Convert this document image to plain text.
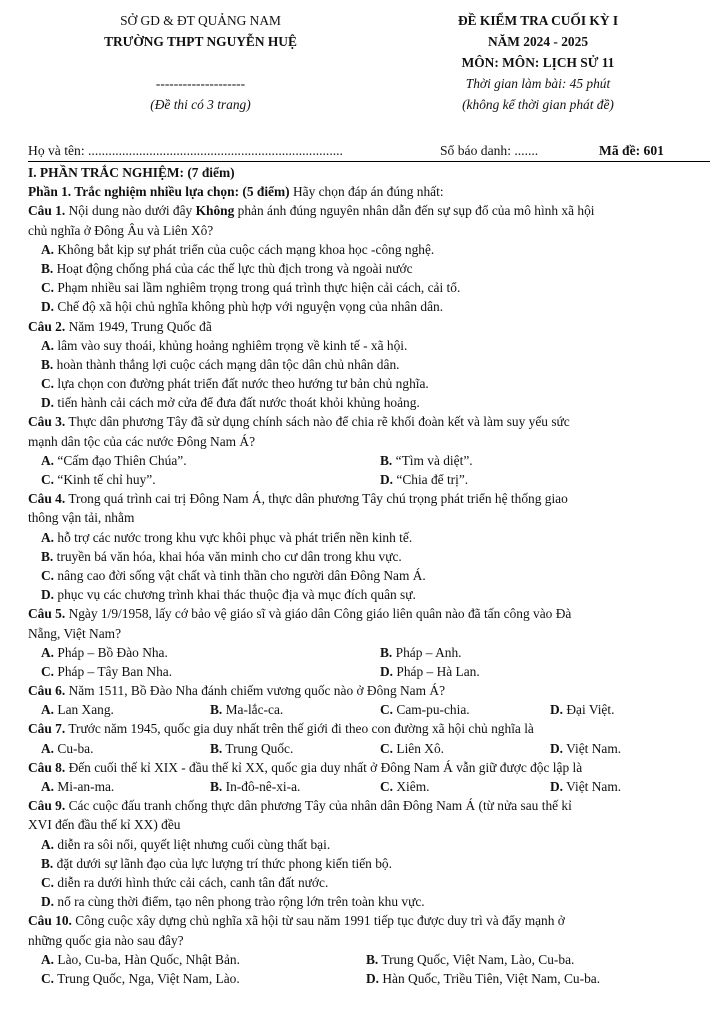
SỞ GD & ĐT QUẢNG NAM
TRƯỜNG THPT NGUYỄN HUỆ
--------------------
(Đề thi có 3 trang)
ĐỀ KIỂM TRA CUỐI KỲ I
NĂM 2024 - 2025
MÔN: MÔN: LỊCH SỬ 11
Thời gian làm bài: 45 phút
(không kể thời gian phát đề)
Họ và tên: ...........................................................................	Số báo danh: .......	Mã đề: 601
I. PHẦN TRẮC NGHIỆM: (7 điểm)
Phần 1. Trắc nghiệm nhiều lựa chọn: (5 điểm) Hãy chọn đáp án đúng nhất:
Câu 1. Nội dung nào dưới đây Không phản ánh đúng nguyên nhân dẫn đến sự sụp đổ của mô hình xã hội
chủ nghĩa ở Đông Âu và Liên Xô?
A. Không bắt kịp sự phát triển của cuộc cách mạng khoa học -công nghệ.
B. Hoạt động chống phá của các thế lực thù địch trong và ngoài nước
C. Phạm nhiều sai lầm nghiêm trọng trong quá trình thực hiện cải cách, cải tổ.
D. Chế độ xã hội chủ nghĩa không phù hợp với nguyện vọng của nhân dân.
Câu 2. Năm 1949, Trung Quốc đã
A. lâm vào suy thoái, khủng hoảng nghiêm trọng về kinh tế - xã hội.
B. hoàn thành thắng lợi cuộc cách mạng dân tộc dân chủ nhân dân.
C. lựa chọn con đường phát triển đất nước theo hướng tư bản chủ nghĩa.
D. tiến hành cải cách mở cửa để đưa đất nước thoát khỏi khủng hoảng.
Câu 3. Thực dân phương Tây đã sử dụng chính sách nào để chia rẽ khối đoàn kết và làm suy yếu sức
mạnh dân tộc của các nước Đông Nam Á?
A. “Cấm đạo Thiên Chúa”.	B. “Tìm và diệt”.
C. “Kinh tế chỉ huy”.	D. “Chia để trị”.
Câu 4. Trong quá trình cai trị Đông Nam Á, thực dân phương Tây chú trọng phát triển hệ thống giao
thông vận tải, nhằm
A. hỗ trợ các nước trong khu vực khôi phục và phát triển nền kinh tế.
B. truyền bá văn hóa, khai hóa văn minh cho cư dân trong khu vực.
C. nâng cao đời sống vật chất và tinh thần cho người dân Đông Nam Á.
D. phục vụ các chương trình khai thác thuộc địa và mục đích quân sự.
Câu 5. Ngày 1/9/1958, lấy cớ bảo vệ giáo sĩ và giáo dân Công giáo liên quân nào đã tấn công vào Đà
Nẵng, Việt Nam?
A. Pháp – Bồ Đào Nha.	B. Pháp – Anh.
C. Pháp – Tây Ban Nha.	D. Pháp – Hà Lan.
Câu 6. Năm 1511, Bồ Đào Nha đánh chiếm vương quốc nào ở Đông Nam Á?
A. Lan Xang.	B. Ma-lắc-ca.	C. Cam-pu-chia.	D. Đại Việt.
Câu 7. Trước năm 1945, quốc gia duy nhất trên thế giới đi theo con đường xã hội chủ nghĩa là
A. Cu-ba.	B. Trung Quốc.	C. Liên Xô.	D. Việt Nam.
Câu 8. Đến cuối thế kỉ XIX - đầu thế kỉ XX, quốc gia duy nhất ở Đông Nam Á vẫn giữ được độc lập là
A. Mi-an-ma.	B. In-đô-nê-xi-a.	C. Xiêm.	D. Việt Nam.
Câu 9. Các cuộc đấu tranh chống thực dân phương Tây của nhân dân Đông Nam Á (từ nửa sau thế kỉ
XVI đến đầu thế kỉ XX) đều
A. diễn ra sôi nổi, quyết liệt nhưng cuối cùng thất bại.
B. đặt dưới sự lãnh đạo của lực lượng trí thức phong kiến tiến bộ.
C. diễn ra dưới hình thức cải cách, canh tân đất nước.
D. nổ ra cùng thời điểm, tạo nên phong trào rộng lớn trên toàn khu vực.
Câu 10. Công cuộc xây dựng chủ nghĩa xã hội từ sau năm 1991 tiếp tục được duy trì và đẩy mạnh ở
những quốc gia nào sau đây?
A. Lào, Cu-ba, Hàn Quốc, Nhật Bản.	B. Trung Quốc, Việt Nam, Lào, Cu-ba.
C. Trung Quốc, Nga, Việt Nam, Lào.	D. Hàn Quốc, Triều Tiên, Việt Nam, Cu-ba.
